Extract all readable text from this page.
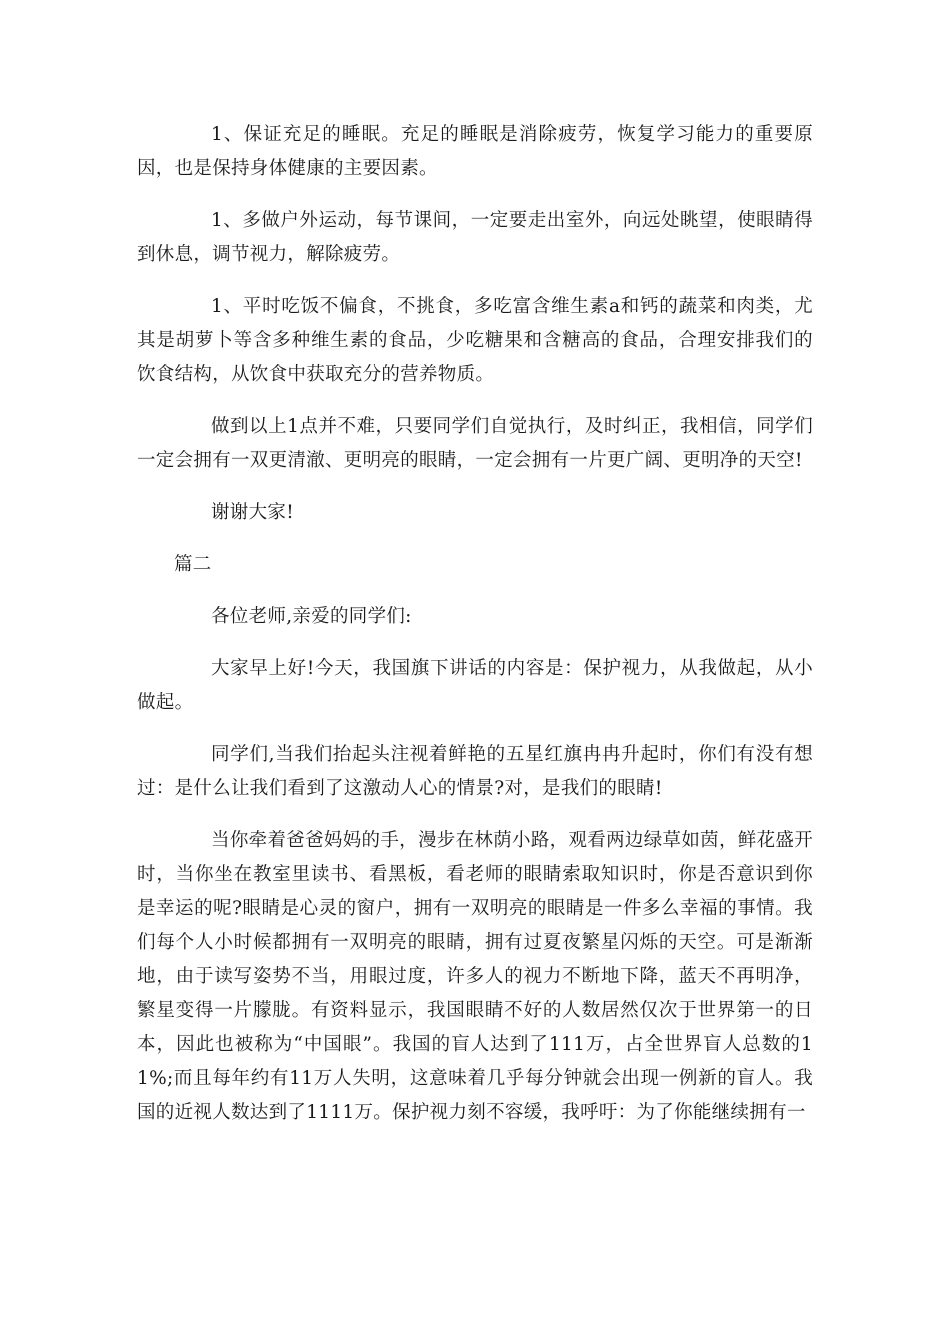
1、保证充足的睡眠。充足的睡眠是消除疲劳，恢复学习能力的重要原因，也是保持身体健康的主要因素。

1、多做户外运动，每节课间，一定要走出室外，向远处眺望，使眼睛得到休息，调节视力，解除疲劳。

1、平时吃饭不偏食，不挑食，多吃富含维生素a和钙的蔬菜和肉类，尤其是胡萝卜等含多种维生素的食品，少吃糖果和含糖高的食品，合理安排我们的饮食结构，从饮食中获取充分的营养物质。

做到以上1点并不难，只要同学们自觉执行，及时纠正，我相信，同学们一定会拥有一双更清澈、更明亮的眼睛，一定会拥有一片更广阔、更明净的天空!

谢谢大家!

篇二

各位老师,亲爱的同学们:

大家早上好!今天，我国旗下讲话的内容是：保护视力，从我做起，从小做起。

同学们,当我们抬起头注视着鲜艳的五星红旗冉冉升起时，你们有没有想过：是什么让我们看到了这激动人心的情景?对，是我们的眼睛!

当你牵着爸爸妈妈的手，漫步在林荫小路，观看两边绿草如茵，鲜花盛开时，当你坐在教室里读书、看黑板，看老师的眼睛索取知识时，你是否意识到你是幸运的呢?眼睛是心灵的窗户，拥有一双明亮的眼睛是一件多么幸福的事情。我们每个人小时候都拥有一双明亮的眼睛，拥有过夏夜繁星闪烁的天空。可是渐渐地，由于读写姿势不当，用眼过度，许多人的视力不断地下降，蓝天不再明净，繁星变得一片朦胧。有资料显示，我国眼睛不好的人数居然仅次于世界第一的日本，因此也被称为“中国眼”。我国的盲人达到了111万，占全世界盲人总数的11%;而且每年约有11万人失明，这意味着几乎每分钟就会出现一例新的盲人。我国的近视人数达到了1111万。保护视力刻不容缓，我呼吁：为了你能继续拥有一
